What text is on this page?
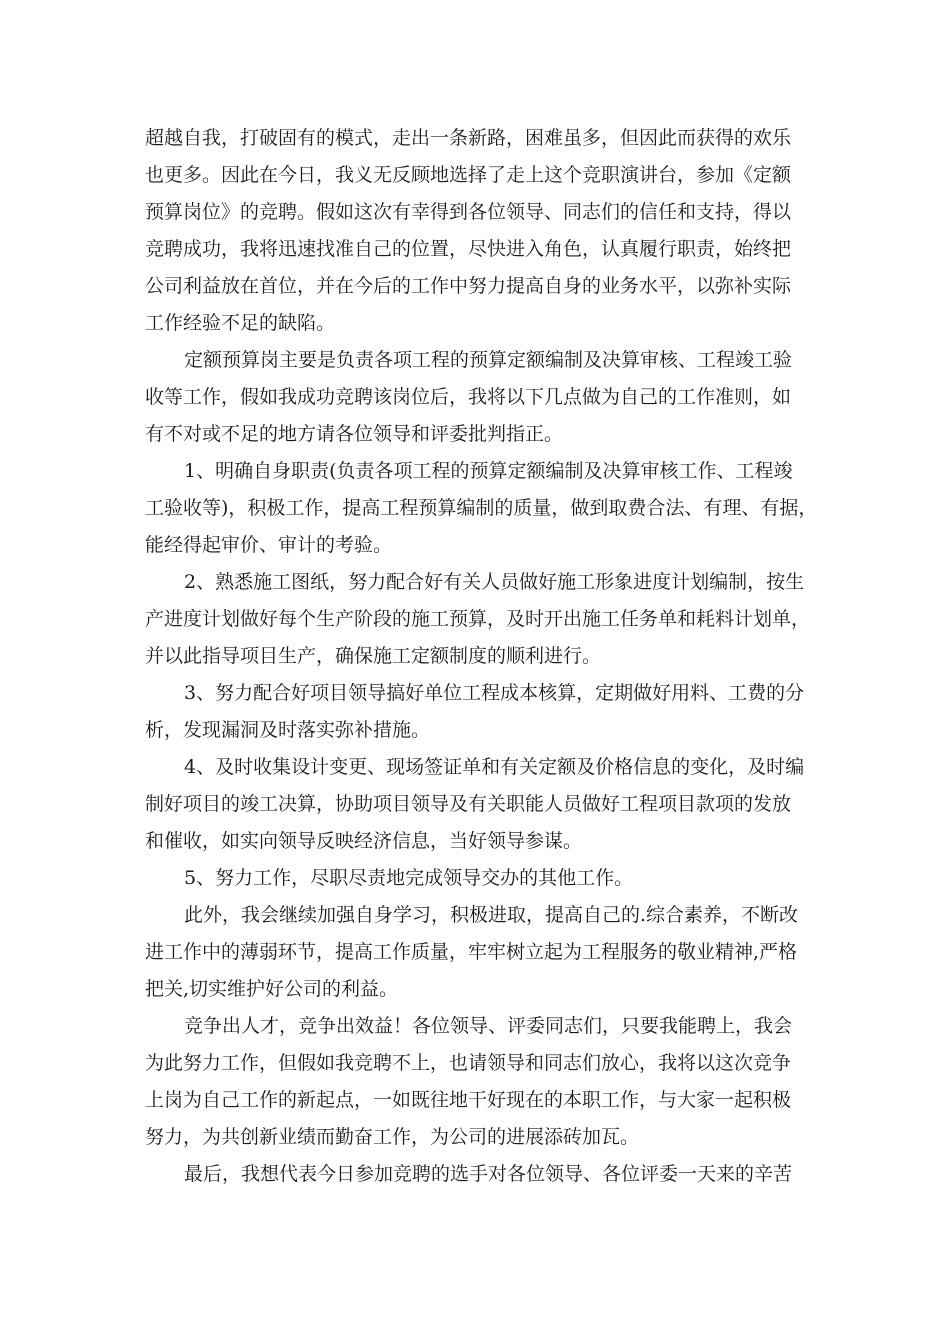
超越自我，打破固有的模式，走出一条新路，困难虽多，但因此而获得的欢乐
也更多。因此在今日，我义无反顾地选择了走上这个竞职演讲台，参加《定额
预算岗位》的竞聘。假如这次有幸得到各位领导、同志们的信任和支持，得以
竞聘成功，我将迅速找准自己的位置，尽快进入角色，认真履行职责，始终把
公司利益放在首位，并在今后的工作中努力提高自身的业务水平，以弥补实际
工作经验不足的缺陷。
定额预算岗主要是负责各项工程的预算定额编制及决算审核、工程竣工验
收等工作，假如我成功竞聘该岗位后，我将以下几点做为自己的工作准则，如
有不对或不足的地方请各位领导和评委批判指正。
1、明确自身职责(负责各项工程的预算定额编制及决算审核工作、工程竣
工验收等)，积极工作，提高工程预算编制的质量，做到取费合法、有理、有据，
能经得起审价、审计的考验。
2、熟悉施工图纸，努力配合好有关人员做好施工形象进度计划编制，按生
产进度计划做好每个生产阶段的施工预算，及时开出施工任务单和耗料计划单，
并以此指导项目生产，确保施工定额制度的顺利进行。
3、努力配合好项目领导搞好单位工程成本核算，定期做好用料、工费的分
析，发现漏洞及时落实弥补措施。
4、及时收集设计变更、现场签证单和有关定额及价格信息的变化，及时编
制好项目的竣工决算，协助项目领导及有关职能人员做好工程项目款项的发放
和催收，如实向领导反映经济信息，当好领导参谋。
5、努力工作，尽职尽责地完成领导交办的其他工作。
此外，我会继续加强自身学习，积极进取，提高自己的.综合素养，不断改
进工作中的薄弱环节，提高工作质量，牢牢树立起为工程服务的敬业精神,严格
把关,切实维护好公司的利益。
竞争出人才，竞争出效益！各位领导、评委同志们，只要我能聘上，我会
为此努力工作，但假如我竞聘不上，也请领导和同志们放心，我将以这次竞争
上岗为自己工作的新起点，一如既往地干好现在的本职工作，与大家一起积极
努力，为共创新业绩而勤奋工作，为公司的进展添砖加瓦。
最后，我想代表今日参加竞聘的选手对各位领导、各位评委一天来的辛苦
